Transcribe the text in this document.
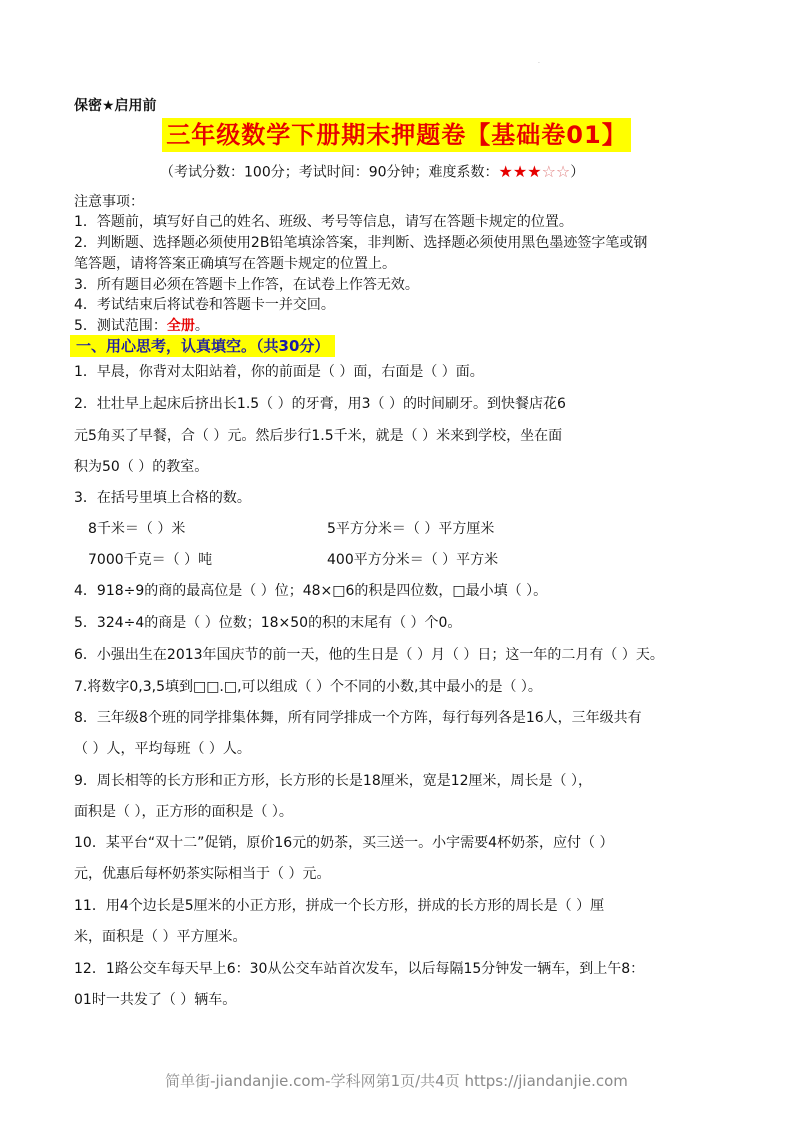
·
保密★启用前
三年级数学下册期末押题卷【基础卷01】
（考试分数：100分；考试时间：90分钟；难度系数：★★★☆☆）
注意事项：
1．答题前，填写好自己的姓名、班级、考号等信息，请写在答题卡规定的位置。
2．判断题、选择题必须使用2B铅笔填涂答案，非判断、选择题必须使用黑色墨迹签字笔或钢
笔答题，请将答案正确填写在答题卡规定的位置上。
3．所有题目必须在答题卡上作答，在试卷上作答无效。
4．考试结束后将试卷和答题卡一并交回。
5．测试范围：全册。
一、用心思考，认真填空。（共30分）
1．早晨，你背对太阳站着，你的前面是（ ）面，右面是（ ）面。
2．壮壮早上起床后挤出长1.5（ ）的牙膏，用3（ ）的时间刷牙。到快餐店花6
元5角买了早餐，合（ ）元。然后步行1.5千米，就是（ ）米来到学校，坐在面
积为50（ ）的教室。
3．在括号里填上合格的数。
8千米＝（ ）米	5平方分米＝（ ）平方厘米
7000千克＝（ ）吨	400平方分米＝（ ）平方米
4．918÷9的商的最高位是（ ）位；48×□6的积是四位数，□最小填（ ）。
5．324÷4的商是（ ）位数；18×50的积的末尾有（ ）个0。
6．小强出生在2013年国庆节的前一天，他的生日是（ ）月（ ）日；这一年的二月有（ ）天。
7.将数字0,3,5填到□□.□,可以组成（ ）个不同的小数,其中最小的是（ ）。
8．三年级8个班的同学排集体舞，所有同学排成一个方阵，每行每列各是16人，三年级共有
（ ）人，平均每班（ ）人。
9．周长相等的长方形和正方形，长方形的长是18厘米，宽是12厘米，周长是（ ），
面积是（ ），正方形的面积是（ ）。
10．某平台“双十二”促销，原价16元的奶茶，买三送一。小宇需要4杯奶茶，应付（ ）
元，优惠后每杯奶茶实际相当于（ ）元。
11．用4个边长是5厘米的小正方形，拼成一个长方形，拼成的长方形的周长是（ ）厘
米，面积是（ ）平方厘米。
12．1路公交车每天早上6：30从公交车站首次发车，以后每隔15分钟发一辆车，到上午8：
01时一共发了（ ）辆车。
简单街-jiandanjie.com-学科网第1页/共4页 https://jiandanjie.com
